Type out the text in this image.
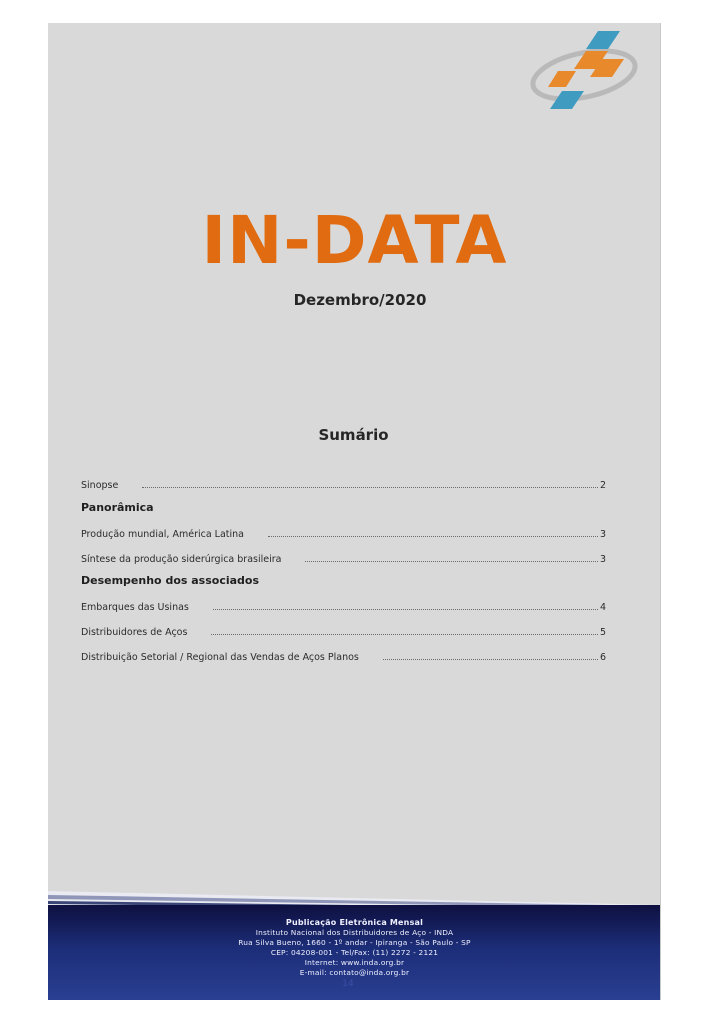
IN-DATA
Dezembro/2020
Sumário
Sinopse	2
Panorâmica
Produção mundial, América Latina	3
Síntese da produção siderúrgica brasileira	3
Desempenho dos associados
Embarques das Usinas	4
Distribuidores de Aços	5
Distribuição Setorial / Regional das Vendas de Aços Planos	6
Publicação Eletrônica Mensal
Instituto Nacional dos Distribuidores de Aço - INDA
Rua Silva Bueno, 1660 - 1º andar - Ipiranga - São Paulo - SP
CEP: 04208-001 - Tel/Fax: (11) 2272 - 2121
Internet: www.inda.org.br
E-mail: contato@inda.org.br
14
